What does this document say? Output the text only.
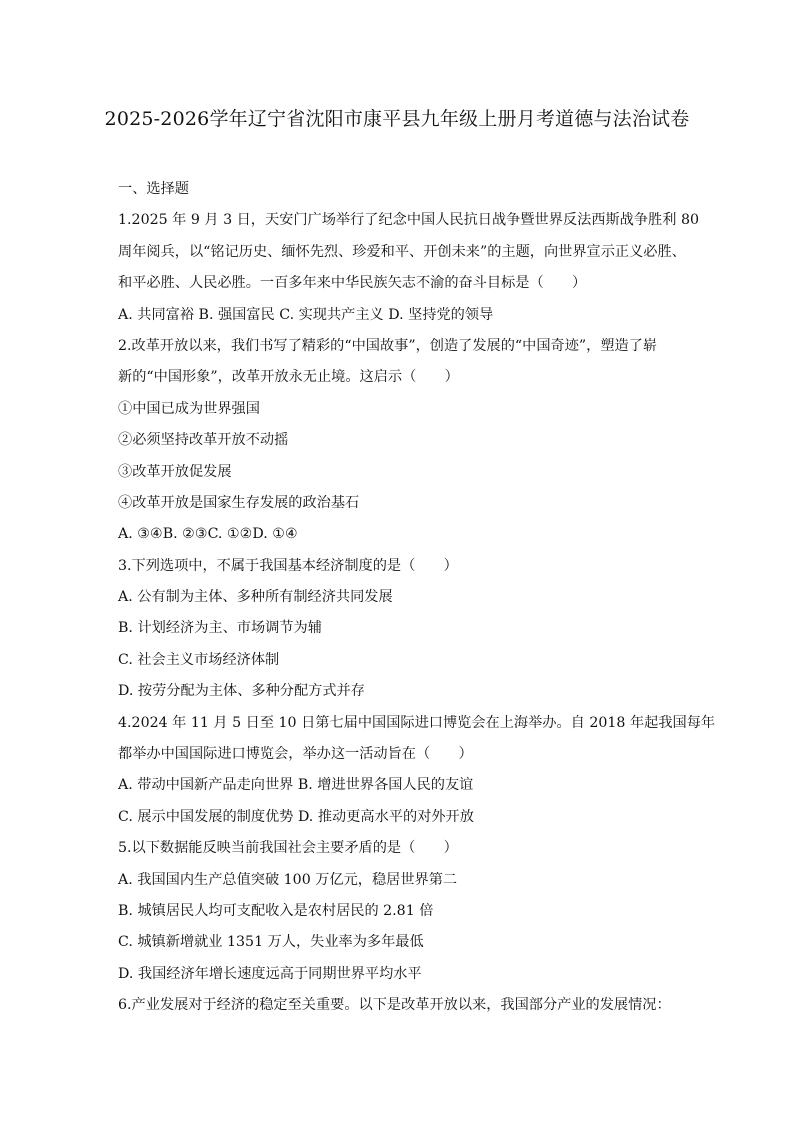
2025-2026学年辽宁省沈阳市康平县九年级上册月考道德与法治试卷
一、选择题
1.2025 年 9 月 3 日，天安门广场举行了纪念中国人民抗日战争暨世界反法西斯战争胜利 80
周年阅兵，以“铭记历史、缅怀先烈、珍爱和平、开创未来”的主题，向世界宣示正义必胜、
和平必胜、人民必胜。一百多年来中华民族矢志不渝的奋斗目标是（　　）
A. 共同富裕 B. 强国富民 C. 实现共产主义 D. 坚持党的领导
2.改革开放以来，我们书写了精彩的“中国故事”，创造了发展的“中国奇迹”，塑造了崭
新的“中国形象”，改革开放永无止境。这启示（　　）
①中国已成为世界强国
②必须坚持改革开放不动摇
③改革开放促发展
④改革开放是国家生存发展的政治基石
A. ③④B. ②③C. ①②D. ①④
3.下列选项中，不属于我国基本经济制度的是（　　）
A. 公有制为主体、多种所有制经济共同发展
B. 计划经济为主、市场调节为辅
C. 社会主义市场经济体制
D. 按劳分配为主体、多种分配方式并存
4.2024 年 11 月 5 日至 10 日第七届中国国际进口博览会在上海举办。自 2018 年起我国每年
都举办中国国际进口博览会，举办这一活动旨在（　　）
A. 带动中国新产品走向世界 B. 增进世界各国人民的友谊
C. 展示中国发展的制度优势 D. 推动更高水平的对外开放
5.以下数据能反映当前我国社会主要矛盾的是（　　）
A. 我国国内生产总值突破 100 万亿元，稳居世界第二
B. 城镇居民人均可支配收入是农村居民的 2.81 倍
C. 城镇新增就业 1351 万人，失业率为多年最低
D. 我国经济年增长速度远高于同期世界平均水平
6.产业发展对于经济的稳定至关重要。以下是改革开放以来，我国部分产业的发展情况：
